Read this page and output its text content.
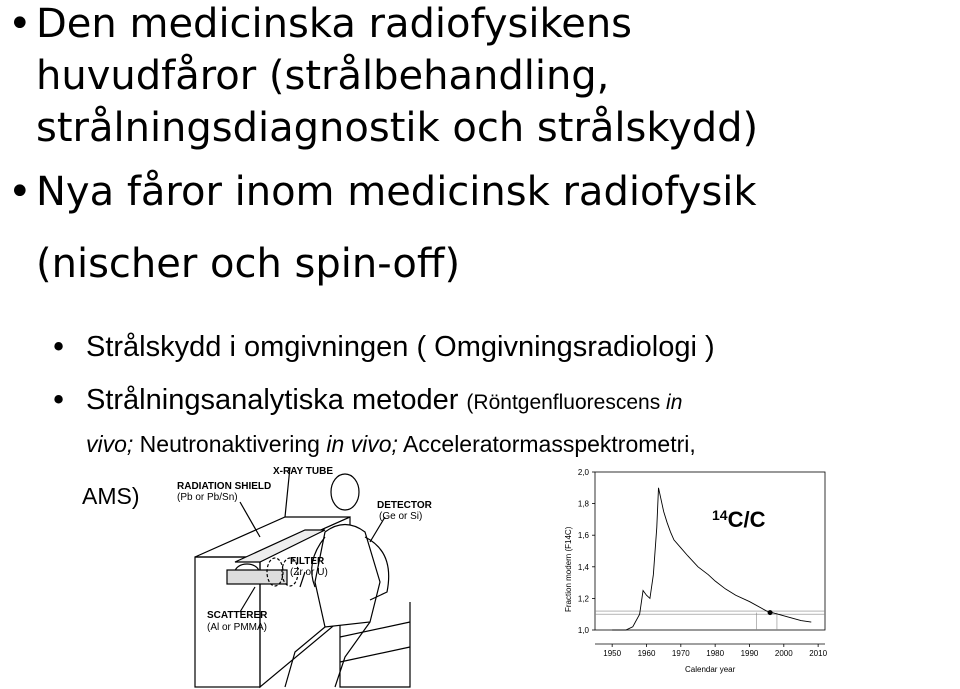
• Den medicinska radiofysikens
huvudfåror (strålbehandling,
strålningsdiagnostik och strålskydd)
• Nya fåror inom medicinsk radiofysik
(nischer och spin-off)
• Strålskydd i omgivningen ( Omgivningsradiologi )
• Strålningsanalytiska metoder (Röntgenfluorescens in
vivo; Neutronaktivering in vivo; Acceleratormasspektrometri,
AMS)
X-RAY TUBE
RADIATION SHIELD
(Pb or Pb/Sn)
DETECTOR
(Ge or Si)
FILTER
(Zr or U)
SCATTERER
(Al or PMMA)	1,0
1,2
1,4
1,6
1,8
2,0
1950 1960 1970 1980 1990 2000 2010
$^{14}$C/C
Fraction modern (F14C)
Calendar year
